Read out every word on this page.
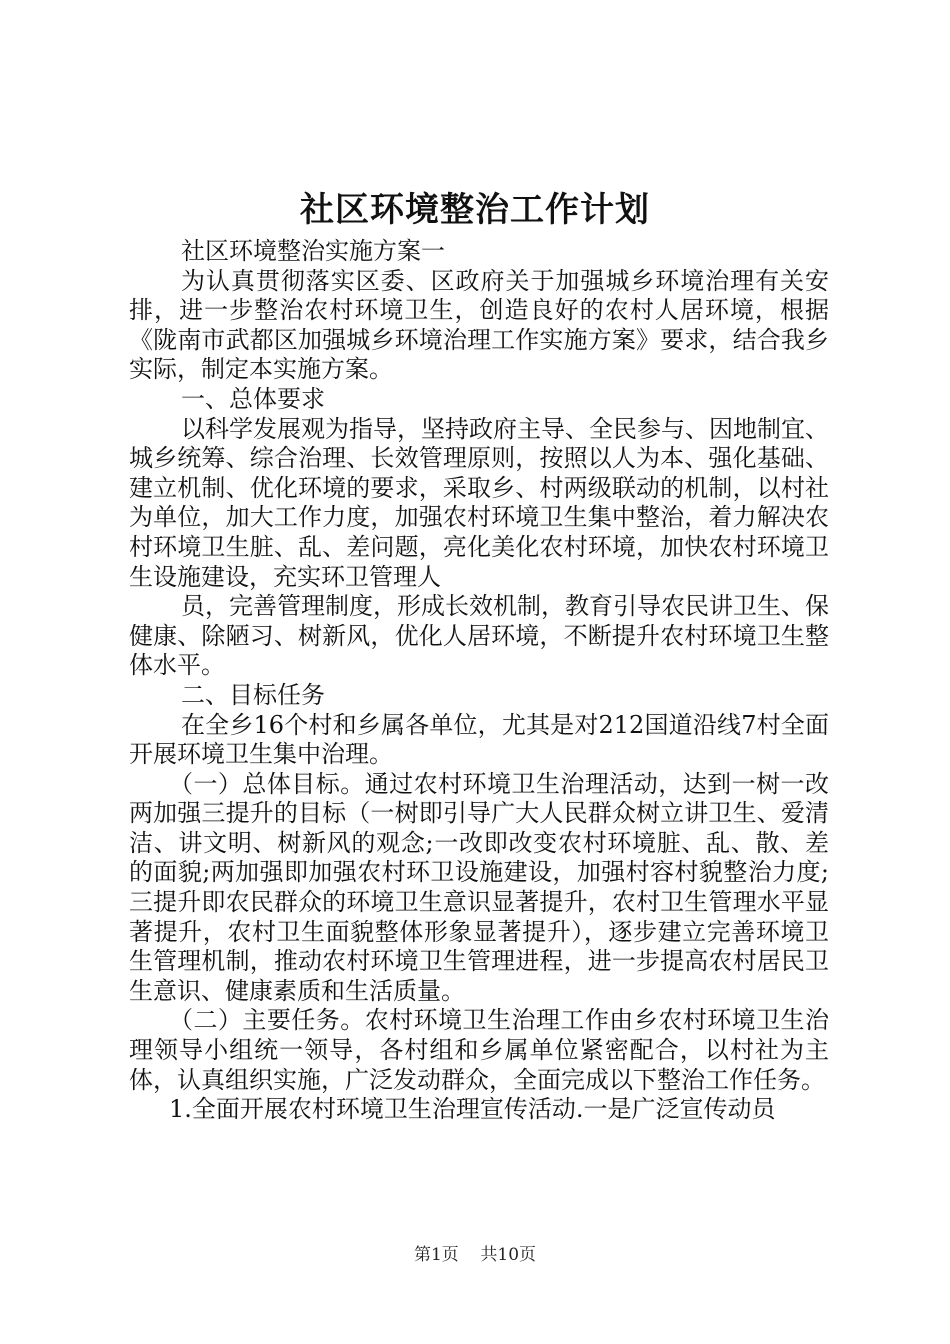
社区环境整治工作计划

社区环境整治实施方案一

为认真贯彻落实区委、区政府关于加强城乡环境治理有关安排，进一步整治农村环境卫生，创造良好的农村人居环境，根据《陇南市武都区加强城乡环境治理工作实施方案》要求，结合我乡实际，制定本实施方案。

一、总体要求

以科学发展观为指导，坚持政府主导、全民参与、因地制宜、城乡统筹、综合治理、长效管理原则，按照以人为本、强化基础、建立机制、优化环境的要求，采取乡、村两级联动的机制，以村社为单位，加大工作力度，加强农村环境卫生集中整治，着力解决农村环境卫生脏、乱、差问题，亮化美化农村环境，加快农村环境卫生设施建设，充实环卫管理人

员，完善管理制度，形成长效机制，教育引导农民讲卫生、保健康、除陋习、树新风，优化人居环境，不断提升农村环境卫生整体水平。

二、目标任务

在全乡16个村和乡属各单位，尤其是对212国道沿线7村全面开展环境卫生集中治理。

（一）总体目标。通过农村环境卫生治理活动，达到一树一改两加强三提升的目标（一树即引导广大人民群众树立讲卫生、爱清洁、讲文明、树新风的观念;一改即改变农村环境脏、乱、散、差的面貌;两加强即加强农村环卫设施建设，加强村容村貌整治力度;三提升即农民群众的环境卫生意识显著提升，农村卫生管理水平显著提升，农村卫生面貌整体形象显著提升），逐步建立完善环境卫生管理机制，推动农村环境卫生管理进程，进一步提高农村居民卫生意识、健康素质和生活质量。

（二）主要任务。农村环境卫生治理工作由乡农村环境卫生治理领导小组统一领导，各村组和乡属单位紧密配合，以村社为主体，认真组织实施，广泛发动群众，全面完成以下整治工作任务。

1.全面开展农村环境卫生治理宣传活动.一是广泛宣传动员

第1页 共10页
